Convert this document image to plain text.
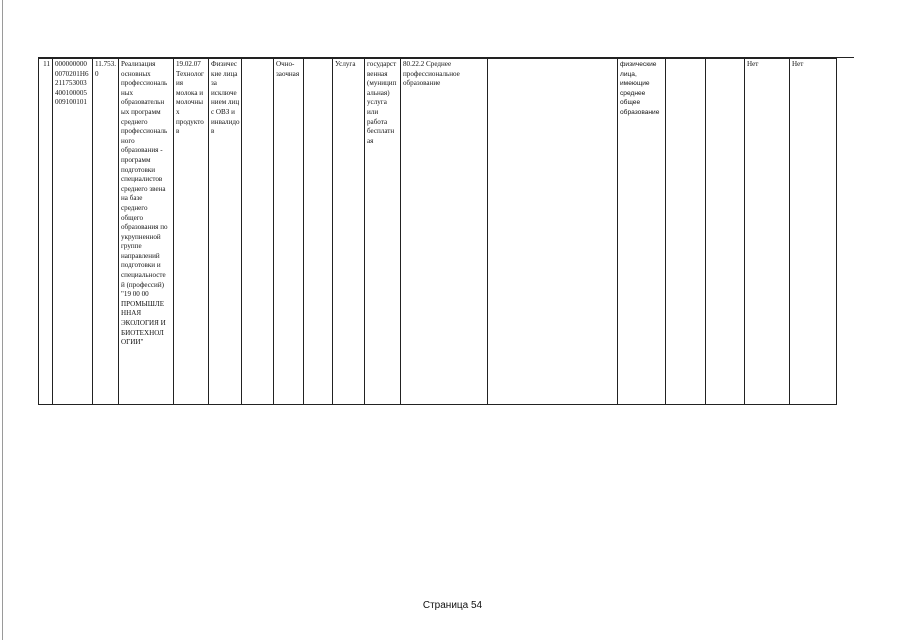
11	000000000
0070201Н6
211753003
400100005
009100101	11.753.
0	Реализация
основных
профессиональ
ных
образовательн
ых программ
среднего
профессиональ
ного
образования -
программ
подготовки
специалистов
среднего звена
на базе
среднего
общего
образования по
укрупненной
группе
направлений
подготовки и
специальносте
й (профессий)
"19 00 00
ПРОМЫШЛЕ
ННАЯ
ЭКОЛОГИЯ И
БИОТЕХНОЛ
ОГИИ"	19.02.07
Технолог
ия
молока и
молочны
х
продукто
в	Физичес
кие лица
за
исключе
нием лиц
с ОВЗ и
инвалидо
в		Очно-
заочная		Услуга	государст
венная
(муницип
альная)
услуга
или
работа
бесплатн
ая	80.22.2 Среднее
профессиональное
образование		физические
лица,
имеющие
среднее
общее
образование			Нет	Нет
Страница 54
